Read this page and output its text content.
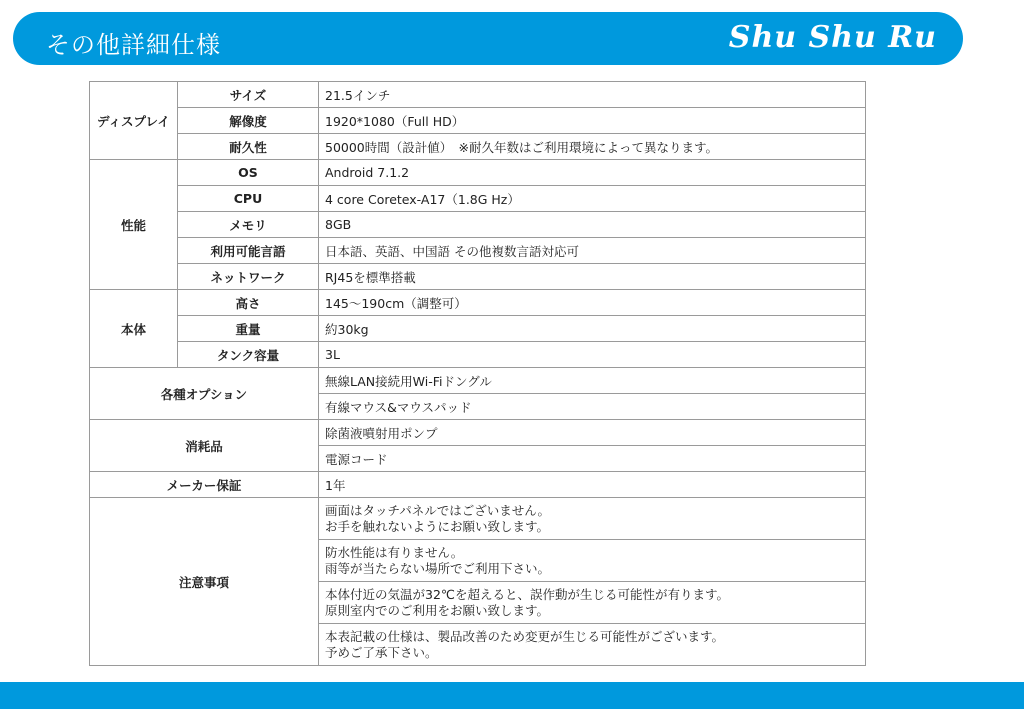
その他詳細仕様	Shu Shu Ru
ディスプレイ	サイズ	21.5インチ
	解像度	1920*1080（Full HD）
	耐久性	50000時間（設計値）　※耐久年数はご利用環境によって異なります。
性能	OS	Android 7.1.2
	CPU	4 core Coretex-A17（1.8G Hz）
	メモリ	8GB
	利用可能言語	日本語、英語、中国語 その他複数言語対応可
	ネットワーク	RJ45を標準搭載
本体	高さ	145～190cm（調整可）
	重量	約30kg
	タンク容量	3L
各種オプション		無線LAN接続用Wi-Fiドングル
		有線マウス&マウスパッド
消耗品		除菌液噴射用ポンプ
		電源コード
メーカー保証		1年
注意事項		画面はタッチパネルではございません。
お手を触れないようにお願い致します。

		防水性能は有りません。
雨等が当たらない場所でご利用下さい。

		本体付近の気温が32℃を超えると、誤作動が生じる可能性が有ります。
原則室内でのご利用をお願い致します。

		本表記載の仕様は、製品改善のため変更が生じる可能性がございます。
予めご了承下さい。
